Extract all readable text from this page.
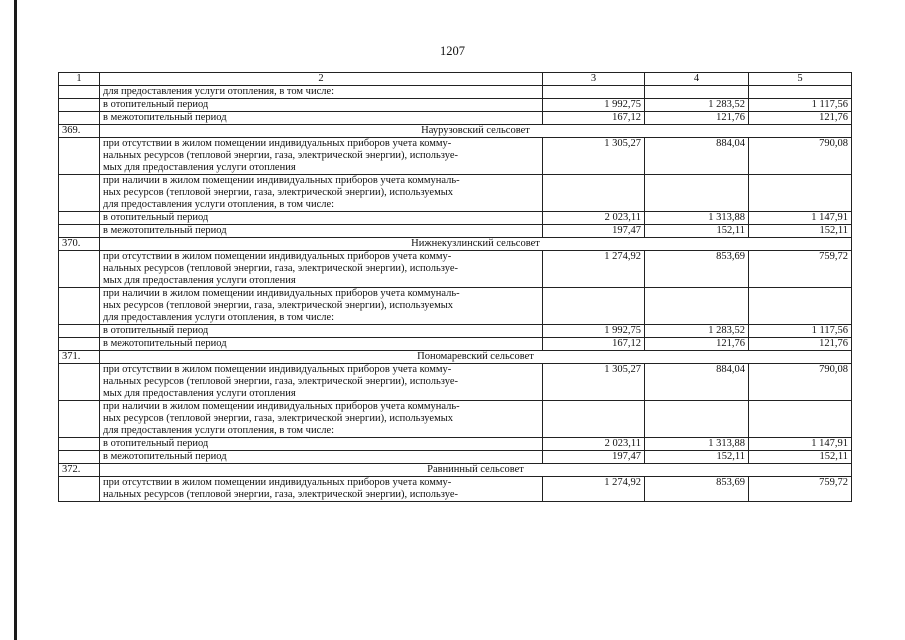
1207
1	2	3	4	5
	для предоставления услуги отопления, в том числе:			
	в отопительный период	1 992,75	1 283,52	1 117,56
	в межотопительный период	167,12	121,76	121,76
369.	Наурузовский сельсовет			
	при отсутствии в жилом помещении индивидуальных приборов учета комму-
нальных ресурсов (тепловой энергии, газа, электрической энергии), используе-
мых для предоставления услуги отопления	1 305,27	884,04	790,08
	при наличии в жилом помещении индивидуальных приборов учета коммуналь-
ных ресурсов (тепловой энергии, газа, электрической энергии), используемых
для предоставления услуги отопления, в том числе:			
	в отопительный период	2 023,11	1 313,88	1 147,91
	в межотопительный период	197,47	152,11	152,11
370.	Нижнекузлинский сельсовет			
	при отсутствии в жилом помещении индивидуальных приборов учета комму-
нальных ресурсов (тепловой энергии, газа, электрической энергии), используе-
мых для предоставления услуги отопления	1 274,92	853,69	759,72
	при наличии в жилом помещении индивидуальных приборов учета коммуналь-
ных ресурсов (тепловой энергии, газа, электрической энергии), используемых
для предоставления услуги отопления, в том числе:			
	в отопительный период	1 992,75	1 283,52	1 117,56
	в межотопительный период	167,12	121,76	121,76
371.	Пономаревский сельсовет			
	при отсутствии в жилом помещении индивидуальных приборов учета комму-
нальных ресурсов (тепловой энергии, газа, электрической энергии), используе-
мых для предоставления услуги отопления	1 305,27	884,04	790,08
	при наличии в жилом помещении индивидуальных приборов учета коммуналь-
ных ресурсов (тепловой энергии, газа, электрической энергии), используемых
для предоставления услуги отопления, в том числе:			
	в отопительный период	2 023,11	1 313,88	1 147,91
	в межотопительный период	197,47	152,11	152,11
372.	Равнинный сельсовет			
	при отсутствии в жилом помещении индивидуальных приборов учета комму-
нальных ресурсов (тепловой энергии, газа, электрической энергии), используе-	1 274,92	853,69	759,72
